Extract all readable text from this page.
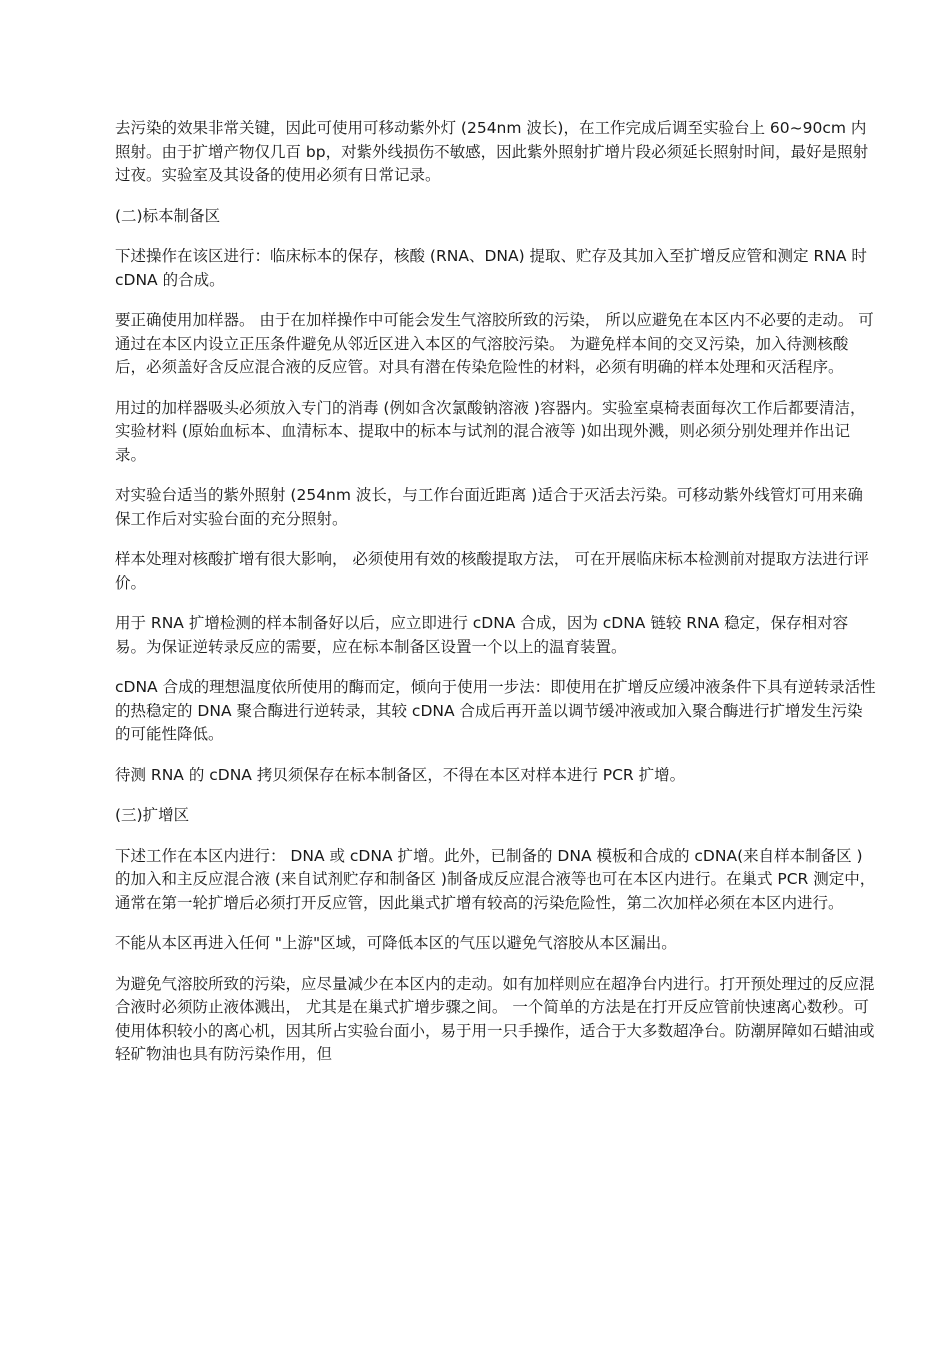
去污染的效果非常关键，因此可使用可移动紫外灯 (254nm 波长)，在工作完成后调至实验台上 60~90cm 内照射。由于扩增产物仅几百 bp，对紫外线损伤不敏感，因此紫外照射扩增片段必须延长照射时间，最好是照射过夜。实验室及其设备的使用必须有日常记录。

(二)标本制备区

下述操作在该区进行：临床标本的保存，核酸 (RNA、DNA) 提取、贮存及其加入至扩增反应管和测定 RNA 时 cDNA 的合成。

要正确使用加样器。 由于在加样操作中可能会发生气溶胶所致的污染， 所以应避免在本区内不必要的走动。 可通过在本区内设立正压条件避免从邻近区进入本区的气溶胶污染。 为避免样本间的交叉污染，加入待测核酸后，必须盖好含反应混合液的反应管。对具有潜在传染危险性的材料，必须有明确的样本处理和灭活程序。

用过的加样器吸头必须放入专门的消毒 (例如含次氯酸钠溶液 )容器内。实验室桌椅表面每次工作后都要清洁，实验材料 (原始血标本、血清标本、提取中的标本与试剂的混合液等 )如出现外溅，则必须分别处理并作出记录。

对实验台适当的紫外照射 (254nm 波长，与工作台面近距离 )适合于灭活去污染。可移动紫外线管灯可用来确保工作后对实验台面的充分照射。

样本处理对核酸扩增有很大影响， 必须使用有效的核酸提取方法， 可在开展临床标本检测前对提取方法进行评价。

用于 RNA 扩增检测的样本制备好以后，应立即进行 cDNA 合成，因为 cDNA 链较 RNA 稳定，保存相对容易。为保证逆转录反应的需要，应在标本制备区设置一个以上的温育装置。

cDNA 合成的理想温度依所使用的酶而定，倾向于使用一步法：即使用在扩增反应缓冲液条件下具有逆转录活性的热稳定的 DNA 聚合酶进行逆转录，其较 cDNA 合成后再开盖以调节缓冲液或加入聚合酶进行扩增发生污染的可能性降低。

待测 RNA 的 cDNA 拷贝须保存在标本制备区，不得在本区对样本进行 PCR 扩增。

(三)扩增区

下述工作在本区内进行： DNA 或 cDNA 扩增。此外，已制备的 DNA 模板和合成的 cDNA(来自样本制备区 )的加入和主反应混合液 (来自试剂贮存和制备区 )制备成反应混合液等也可在本区内进行。在巢式 PCR 测定中，通常在第一轮扩增后必须打开反应管，因此巢式扩增有较高的污染危险性，第二次加样必须在本区内进行。

不能从本区再进入任何 "上游"区域，可降低本区的气压以避免气溶胶从本区漏出。

为避免气溶胶所致的污染，应尽量减少在本区内的走动。如有加样则应在超净台内进行。打开预处理过的反应混合液时必须防止液体溅出， 尤其是在巢式扩增步骤之间。 一个简单的方法是在打开反应管前快速离心数秒。可使用体积较小的离心机，因其所占实验台面小，易于用一只手操作，适合于大多数超净台。防潮屏障如石蜡油或轻矿物油也具有防污染作用，但
